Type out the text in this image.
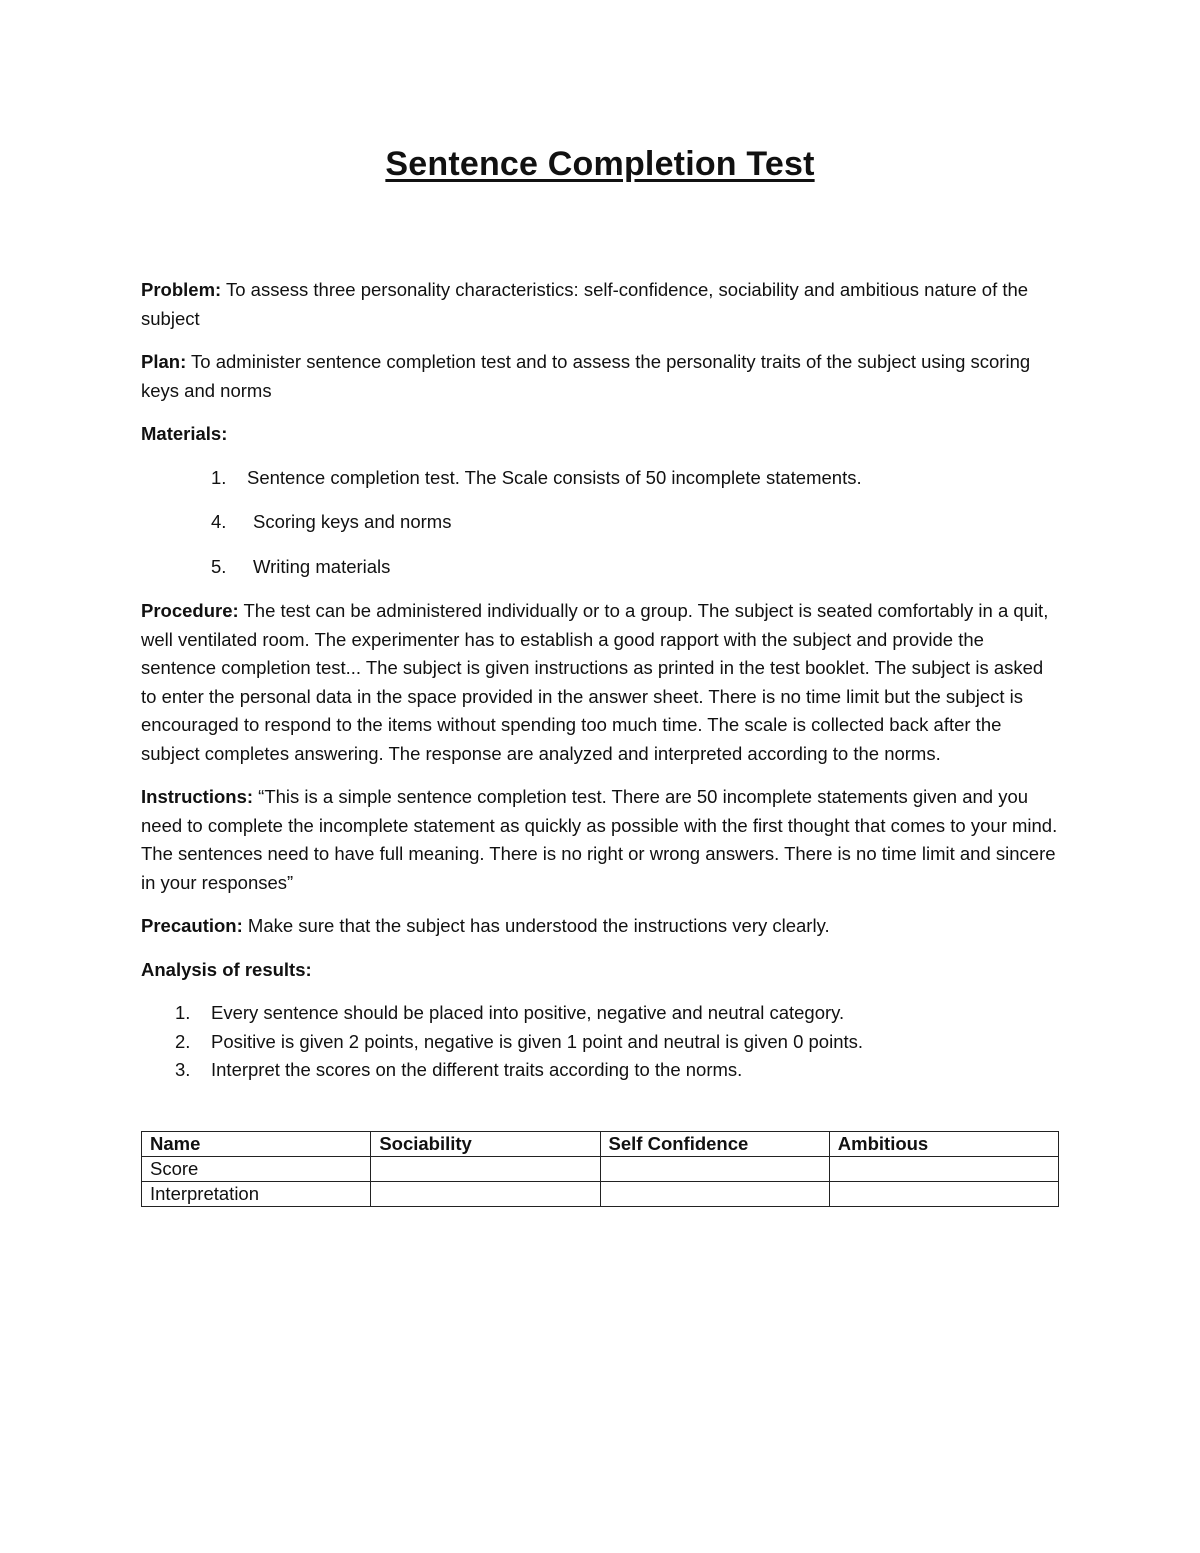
Sentence Completion Test

Problem: To assess three personality characteristics: self-confidence, sociability and ambitious nature of the subject

Plan: To administer sentence completion test and to assess the personality traits of the subject using scoring keys and norms

Materials:
1. Sentence completion test. The Scale consists of 50 incomplete statements.
4. Scoring keys and norms
5. Writing materials

Procedure: The test can be administered individually or to a group. The subject is seated comfortably in a quit, well ventilated room. The experimenter has to establish a good rapport with the subject and provide the sentence completion test... The subject is given instructions as printed in the test booklet. The subject is asked to enter the personal data in the space provided in the answer sheet. There is no time limit but the subject is encouraged to respond to the items without spending too much time. The scale is collected back after the subject completes answering. The response are analyzed and interpreted according to the norms.

Instructions: “This is a simple sentence completion test. There are 50 incomplete statements given and you need to complete the incomplete statement as quickly as possible with the first thought that comes to your mind. The sentences need to have full meaning. There is no right or wrong answers. There is no time limit and sincere in your responses”

Precaution: Make sure that the subject has understood the instructions very clearly.

Analysis of results:
1. Every sentence should be placed into positive, negative and neutral category.
2. Positive is given 2 points, negative is given 1 point and neutral is given 0 points.
3. Interpret the scores on the different traits according to the norms.
Name	Sociability	Self Confidence	Ambitious
Score			
Interpretation			
